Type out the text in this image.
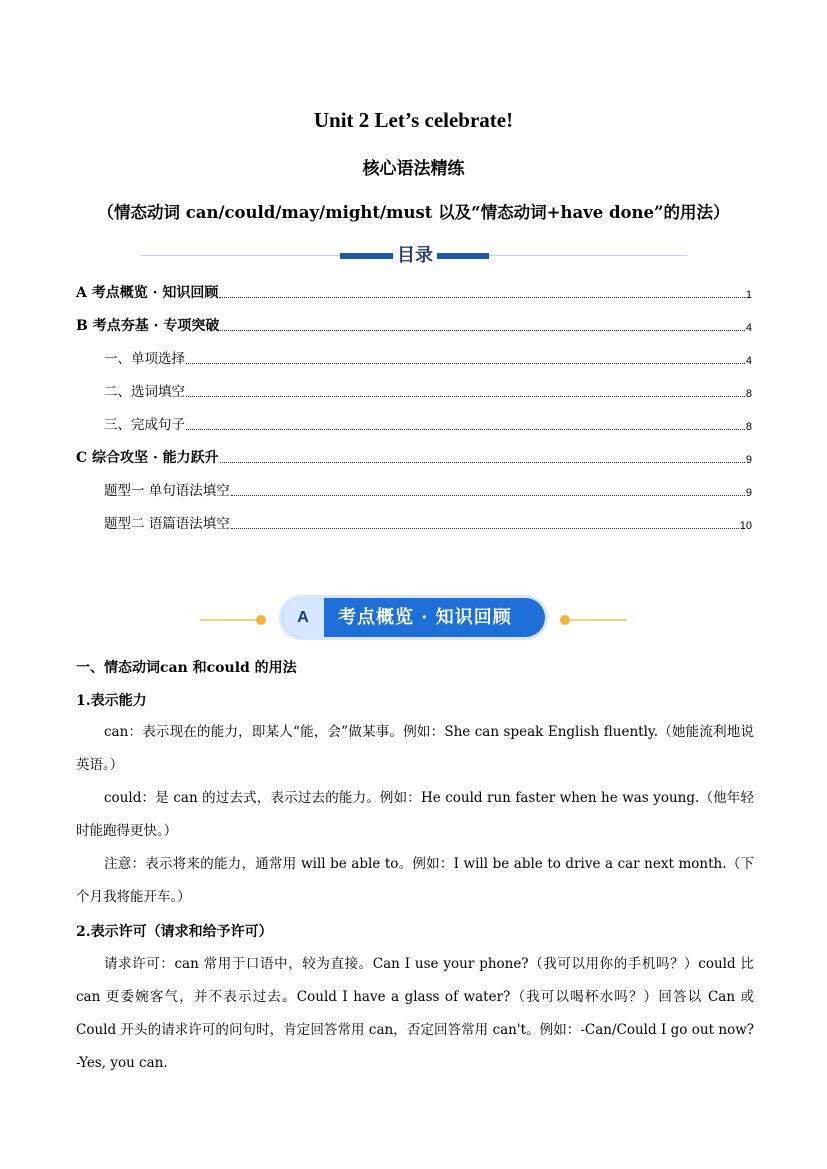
Unit 2 Let’s celebrate!
核心语法精练
（情态动词 can/could/may/might/must 以及“情态动词+have done”的用法）
目录
A 考点概览 · 知识回顾	1
B 考点夯基 · 专项突破	4
一、单项选择	4
二、选词填空	8
三、完成句子	8
C 综合攻坚 · 能力跃升	9
题型一 单句语法填空	9
题型二 语篇语法填空	10
A	考点概览 · 知识回顾
一、情态动词can 和could 的用法
1.表示能力
can：表示现在的能力，即某人“能，会”做某事。例如：She can speak English fluently.（她能流利地说英语。）
could：是 can 的过去式，表示过去的能力。例如：He could run faster when he was young.（他年轻时能跑得更快。）
注意：表示将来的能力，通常用 will be able to。例如：I will be able to drive a car next month.（下个月我将能开车。）
2.表示许可（请求和给予许可）
请求许可：can 常用于口语中，较为直接。Can I use your phone?（我可以用你的手机吗？）could 比 can 更委婉客气，并不表示过去。Could I have a glass of water?（我可以喝杯水吗？）回答以 Can 或 Could 开头的请求许可的问句时，肯定回答常用 can，否定回答常用 can't。例如：-Can/Could I go out now? -Yes, you can.
